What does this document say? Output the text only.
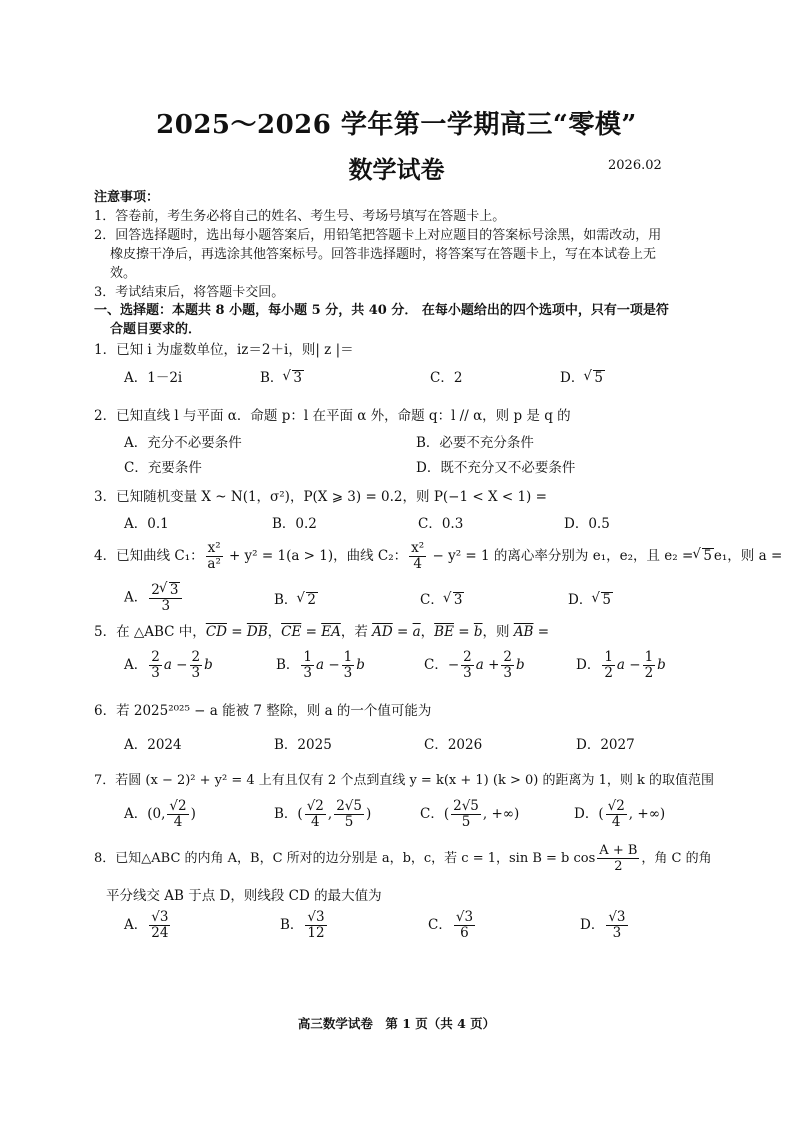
2025～2026 学年第一学期高三“零模”
数学试卷	2026.02
注意事项：
1．答卷前，考生务必将自己的姓名、考生号、考场号填写在答题卡上。
2．回答选择题时，选出每小题答案后，用铅笔把答题卡上对应题目的答案标号涂黑，如需改动，用
橡皮擦干净后，再选涂其他答案标号。回答非选择题时，将答案写在答题卡上，写在本试卷上无
效。
3．考试结束后，将答题卡交回。
一、选择题：本题共 8 小题，每小题 5 分，共 40 分． 在每小题给出的四个选项中，只有一项是符
合题目要求的．
1．已知 i 为虚数单位，iz＝2＋i，则| z |＝
A．1－2i	B． √ 3	C．2	D． √ 5
2．已知直线 l 与平面 α．命题 p：l 在平面 α 外，命题 q：l // α，则 p 是 q 的
A．充分不必要条件	B．必要不充分条件
C．充要条件	D．既不充分又不必要条件
3．已知随机变量 X ~ N(1，σ²)，P(X ⩾ 3) = 0.2，则 P(−1 < X < 1) =
A．0.1	B．0.2	C．0.3	D．0.5
4．已知曲线 C₁： $\frac{\text{x²}}{\text{a²}} + y^2 = 1(a > 1)$，曲线 C₂： $\frac{\text{x²}}{4} - y^2 = 1$ 的离心率分别为 e₁，e₂，且 e₂ = √ 5 e₁，则 a =
A． $\frac{2 √ 3}{3}$	B． √ 2	C． √ 3	D． √ 5
5．在 △ABC 中，$\overline{CD} = \overline{DB}$，$\overline{CE} = \overline{EA}$，若 $\overline{AD} = \overline{a}$，$\overline{BE} = \overline{b}$，则 $\overline{AB}$ =
A． $\frac{2}{3}$ $a - \frac{2}{3}$ b	B． $\frac{1}{3}$ $a - \frac{1}{3}$ b	C．− $\frac{2}{3}$ $a + \frac{2}{3}$ b	D． $\frac{1}{2}$ $a - \frac{1}{2}$ b
6．若 2025²⁰²⁵ − a 能被 7 整除，则 a 的一个值可能为
A．2024	B．2025	C．2026	D．2027
7．若圆 (x − 2)² + y² = 4 上有且仅有 2 个点到直线 y = k(x + 1) (k > 0) 的距离为 1，则 k 的取值范围
A．(0, $\frac{√2}{4}$ )	B．( $\frac{√2}{4}$ , $\frac{2√5}{5}$ )	C．( $\frac{2√5}{5}$ , +∞)	D．( $\frac{√2}{4}$ , +∞)
8．已知△ABC 的内角 A，B，C 所对的边分别是 a，b，c，若 c = 1，sin B = b $\cos \frac{A + B}{2}$ ，角 C 的角
平分线交 AB 于点 D，则线段 CD 的最大值为
A． $\frac{√3}{24}$	B． $\frac{√3}{12}$	C． $\frac{√3}{6}$	D． $\frac{√3}{3}$
高三数学试卷　第 1 页（共 4 页）
